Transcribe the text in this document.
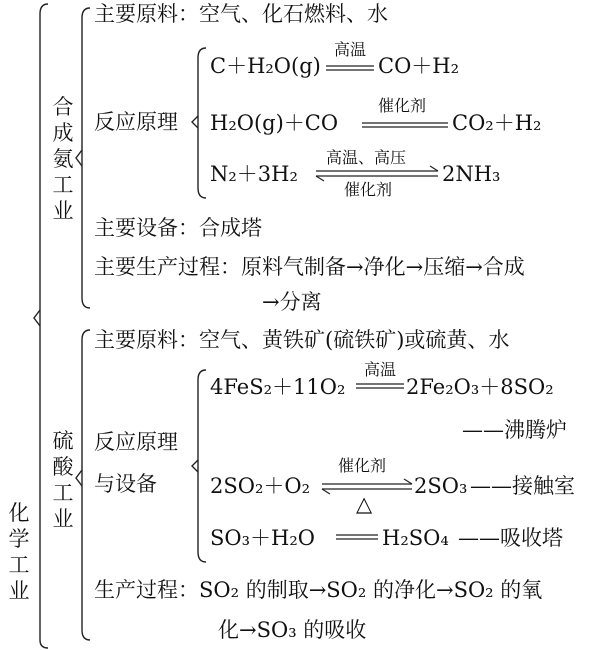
化
学
工
业
合
成
氨
工
业
主要原料：空气、化石燃料、水
反应原理
C＋H₂O(g)
高温
CO＋H₂
H₂O(g)＋CO
催化剂
CO₂＋H₂
N₂＋3H₂
高温、高压
催化剂
2NH₃
主要设备：合成塔
主要生产过程：原料气制备→净化→压缩→合成
→分离
硫
酸
工
业
主要原料：空气、黄铁矿(硫铁矿)或硫黄、水
反应原理
与设备
4FeS₂＋11O₂
高温
2Fe₂O₃＋8SO₂
——沸腾炉
2SO₂＋O₂
催化剂
△
2SO₃ ——接触室
SO₃＋H₂O	H₂SO₄ ——吸收塔
生产过程：SO₂ 的制取→SO₂ 的净化→SO₂ 的氧
化→SO₃ 的吸收
